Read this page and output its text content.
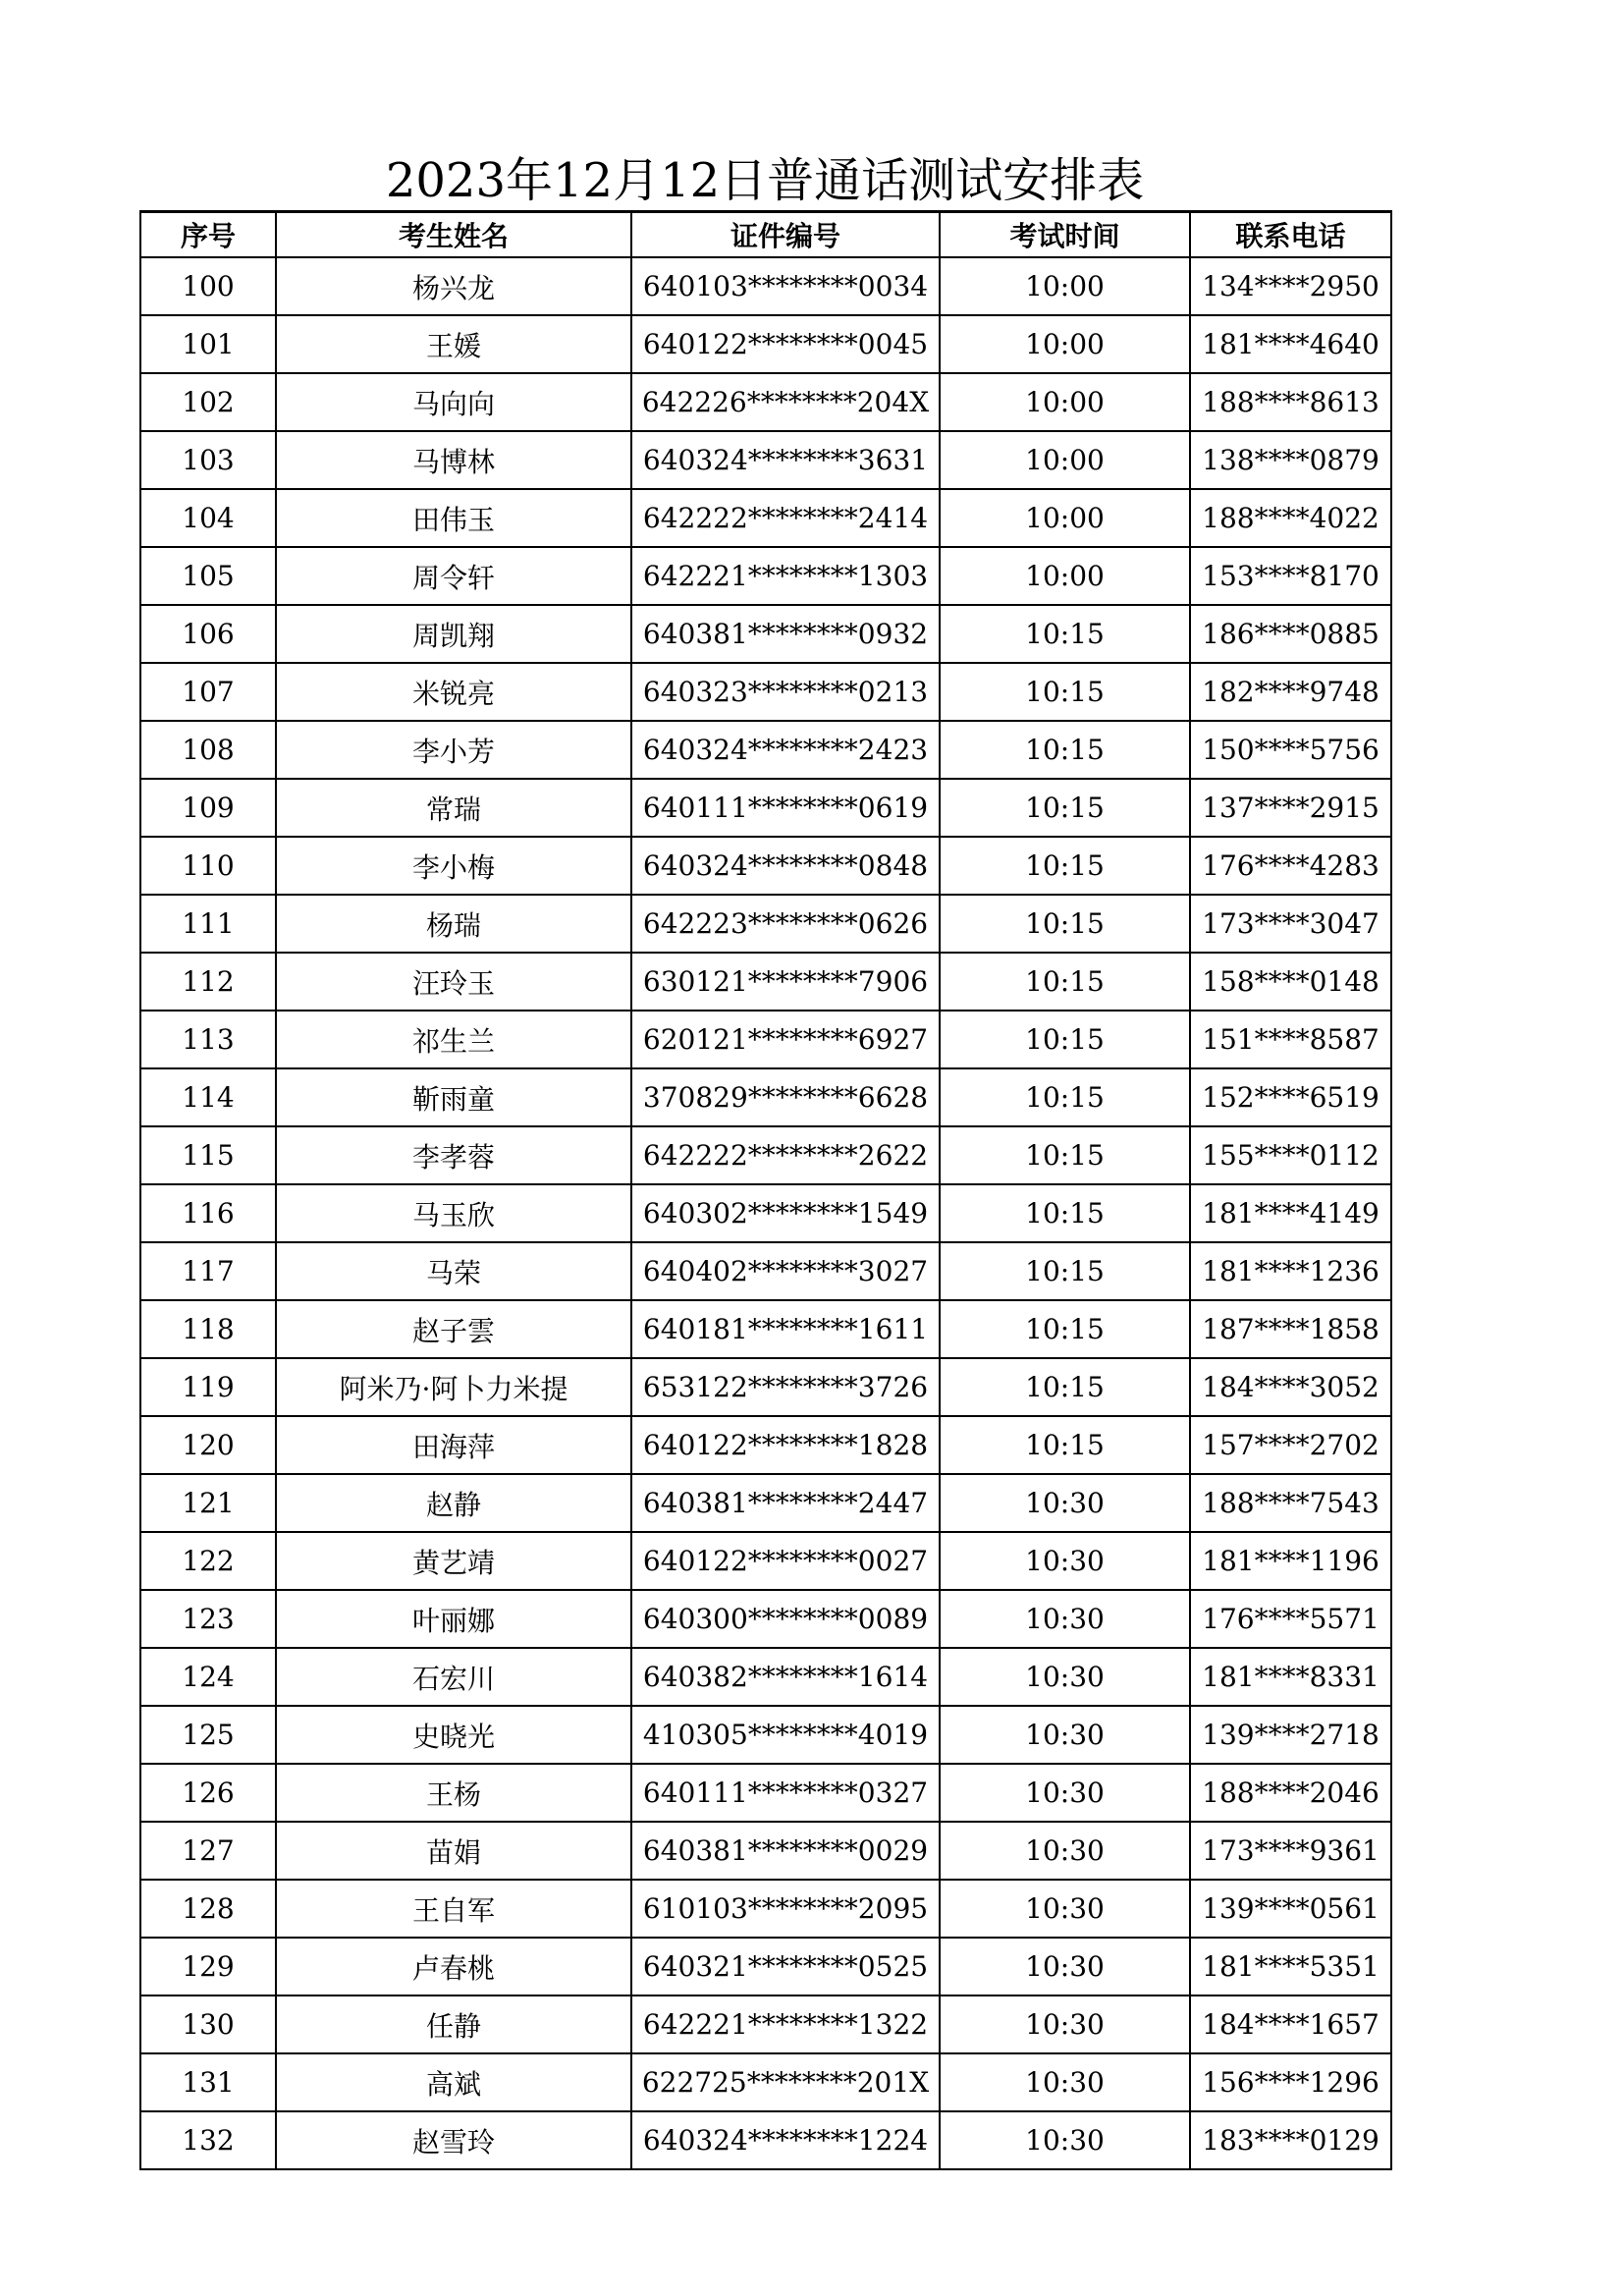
2023年12月12日普通话测试安排表
序号	考生姓名	证件编号	考试时间	联系电话
100	杨兴龙	640103********0034	10:00	134****2950
101	王媛	640122********0045	10:00	181****4640
102	马向向	642226********204X	10:00	188****8613
103	马博林	640324********3631	10:00	138****0879
104	田伟玉	642222********2414	10:00	188****4022
105	周令轩	642221********1303	10:00	153****8170
106	周凯翔	640381********0932	10:15	186****0885
107	米锐亮	640323********0213	10:15	182****9748
108	李小芳	640324********2423	10:15	150****5756
109	常瑞	640111********0619	10:15	137****2915
110	李小梅	640324********0848	10:15	176****4283
111	杨瑞	642223********0626	10:15	173****3047
112	汪玲玉	630121********7906	10:15	158****0148
113	祁生兰	620121********6927	10:15	151****8587
114	靳雨童	370829********6628	10:15	152****6519
115	李孝蓉	642222********2622	10:15	155****0112
116	马玉欣	640302********1549	10:15	181****4149
117	马荣	640402********3027	10:15	181****1236
118	赵子雲	640181********1611	10:15	187****1858
119	阿米乃·阿卜力米提	653122********3726	10:15	184****3052
120	田海萍	640122********1828	10:15	157****2702
121	赵静	640381********2447	10:30	188****7543
122	黄艺靖	640122********0027	10:30	181****1196
123	叶丽娜	640300********0089	10:30	176****5571
124	石宏川	640382********1614	10:30	181****8331
125	史晓光	410305********4019	10:30	139****2718
126	王杨	640111********0327	10:30	188****2046
127	苗娟	640381********0029	10:30	173****9361
128	王自军	610103********2095	10:30	139****0561
129	卢春桃	640321********0525	10:30	181****5351
130	任静	642221********1322	10:30	184****1657
131	高斌	622725********201X	10:30	156****1296
132	赵雪玲	640324********1224	10:30	183****0129
